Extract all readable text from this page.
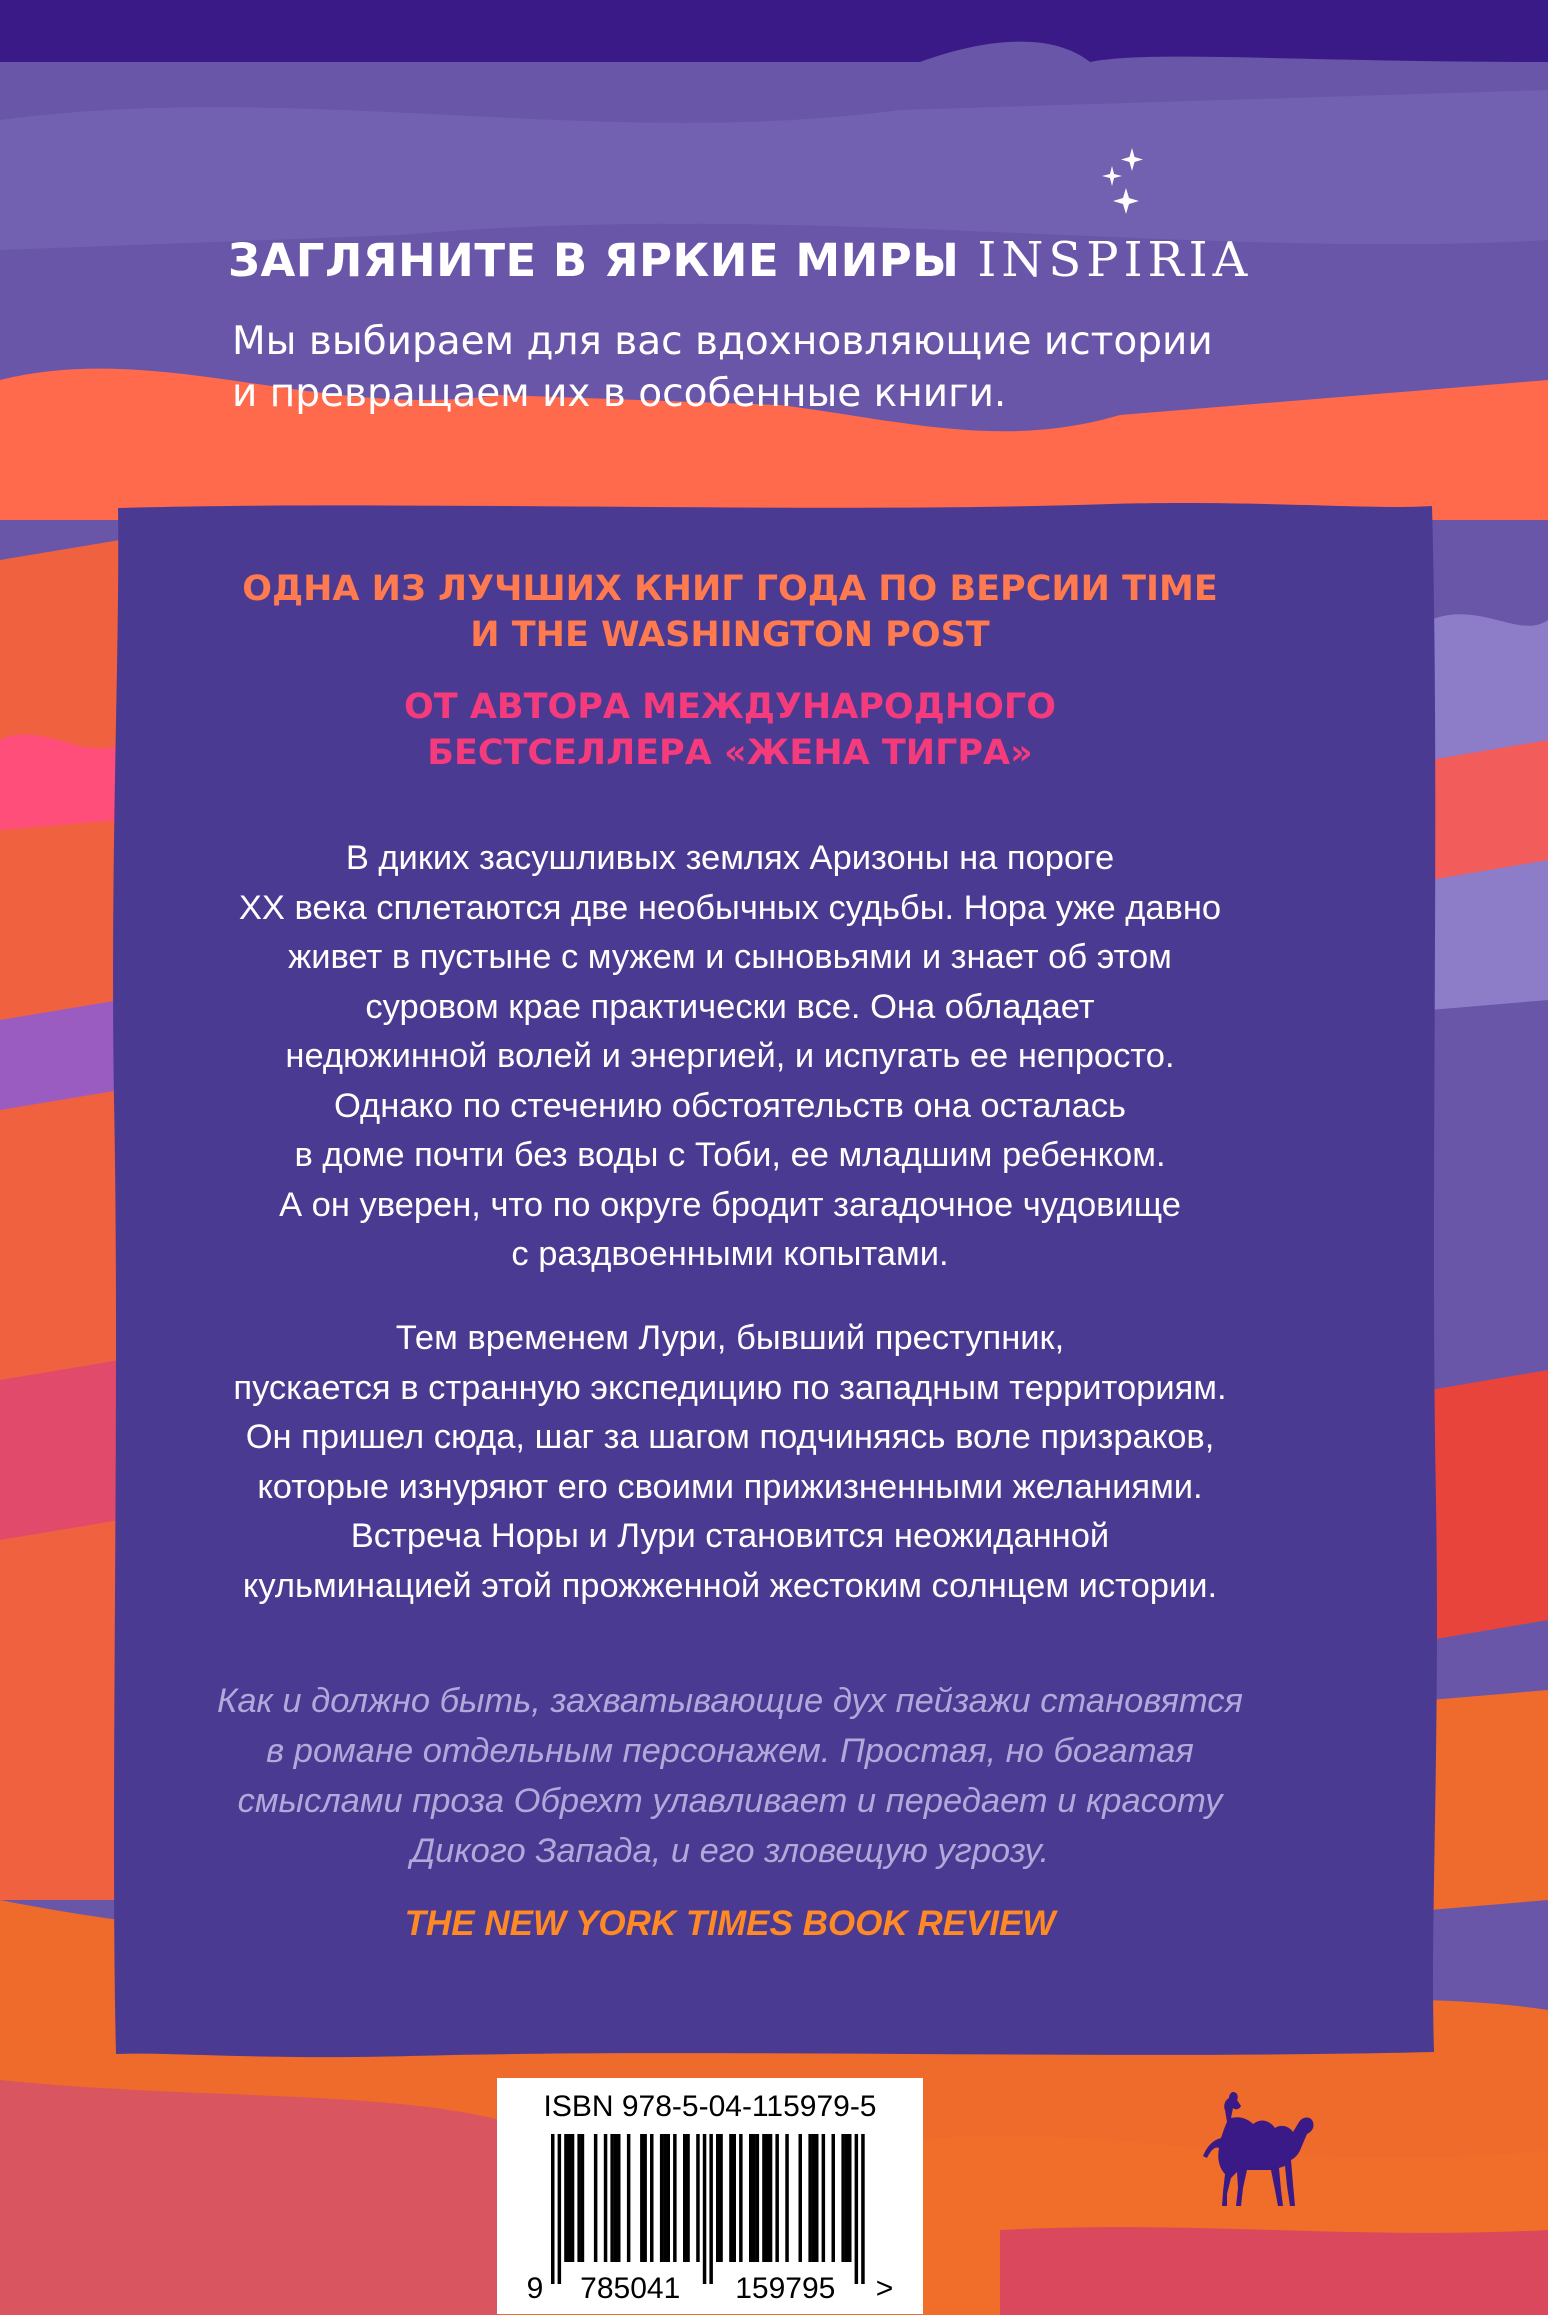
ЗАГЛЯНИТЕ В ЯРКИЕ МИРЫ INSPIRIA
Мы выбираем для вас вдохновляющие истории
и превращаем их в особенные книги.
ОДНА ИЗ ЛУЧШИХ КНИГ ГОДА ПО ВЕРСИИ TIME
И THE WASHINGTON POST
ОТ АВТОРА МЕЖДУНАРОДНОГО
БЕСТСЕЛЛЕРА «ЖЕНА ТИГРА»
В диких засушливых землях Аризоны на пороге
XX века сплетаются две необычных судьбы. Нора уже давно
живет в пустыне с мужем и сыновьями и знает об этом
суровом крае практически все. Она обладает
недюжинной волей и энергией, и испугать ее непросто.
Однако по стечению обстоятельств она осталась
в доме почти без воды с Тоби, ее младшим ребенком.
А он уверен, что по округе бродит загадочное чудовище
с раздвоенными копытами.
Тем временем Лури, бывший преступник,
пускается в странную экспедицию по западным территориям.
Он пришел сюда, шаг за шагом подчиняясь воле призраков,
которые изнуряют его своими прижизненными желаниями.
Встреча Норы и Лури становится неожиданной
кульминацией этой прожженной жестоким солнцем истории.
Как и должно быть, захватывающие дух пейзажи становятся
в романе отдельным персонажем. Простая, но богатая
смыслами проза Обрехт улавливает и передает и красоту
Дикого Запада, и его зловещую угрозу.
THE NEW YORK TIMES BOOK REVIEW
ISBN 978-5-04-115979-5
9 785041 159795 >
